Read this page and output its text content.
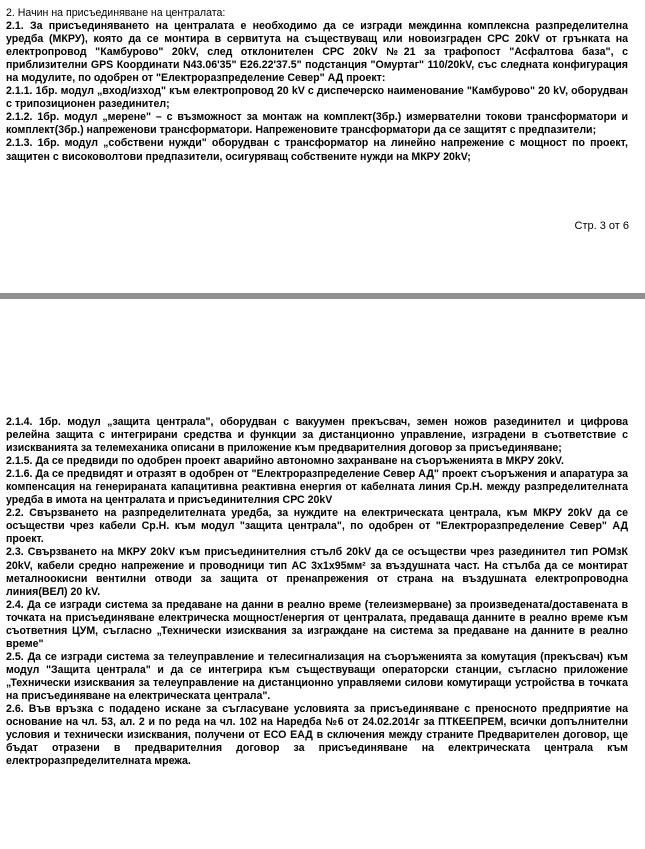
2. Начин на присъединяване на централата:

2.1. За присъединяването на централата е необходимо да се изгради междинна комплексна разпределителна уредба (МКРУ), която да се монтира в сервитута на съществуващ или новоизграден СРС 20kV от грънката на електропровод "Камбурово" 20kV, след отклонителен СРС 20kV №21 за трафопост "Асфалтова база", с приблизителни GPS Координати N43.06'35" E26.22'37.5" подстанция "Омуртаг" 110/20kV, със следната конфигурация на модулите, по одобрен от "Електроразпределение Север" АД проект:

2.1.1. 1бр. модул „вход/изход" към електропровод 20 kV с диспечерско наименование "Камбурово" 20 kV, оборудван с трипозиционен разединител;

2.1.2. 1бр. модул „мерене" – с възможност за монтаж на комплект(3бр.) измервателни токови трансформатори и комплект(3бр.) напреженови трансформатори. Напреженовите трансформатори да се защитят с предпазители;

2.1.3. 1бр. модул „собствени нужди" оборудван с трансформатор на линейно напрежение с мощност по проект, защитен с високоволтови предпазители, осигуряващ собствените нужди на МКРУ 20kV;

Стр. 3 от 6

2.1.4. 1бр. модул „защита централа", оборудван с вакуумен прекъсвач, земен ножов разединител и цифрова релейна защита с интегрирани средства и функции за дистанционно управление, изградени в съответствие с изискванията за телемеханика описани в приложение към предварителния договор за присъединяване;

2.1.5. Да се предвиди по одобрен проект аварийно автономно захранване на съоръженията в МКРУ 20kV.

2.1.6. Да се предвидят и отразят в одобрен от "Електроразпределение Север АД" проект съоръжения и апаратура за компенсация на генерираната капацитивна реактивна енергия от кабелната линия Ср.Н. между разпределителната уредба в имота на централата и присъединителния СРС 20kV

2.2. Свързването на разпределителната уредба, за нуждите на електрическата централа, към МКРУ 20kV да се осъществи чрез кабели Ср.Н. към модул "защита централа", по одобрен от "Електроразпределение Север" АД проект.

2.3. Свързването на МКРУ 20kV към присъединителния стълб 20kV да се осъществи чрез разединител тип РОМзК 20kV, кабели средно напрежение и проводници тип АС 3х1х95мм² за въздушната част. На стълба да се монтират металноокисни вентилни отводи за защита от пренапрежения от страна на въздушната електропроводна линия(ВЕЛ) 20 kV.

2.4. Да се изгради система за предаване на данни в реално време (телеизмерване) за произведената/доставената в точката на присъединяване електрическа мощност/енергия от централата, предаваща данните в реално време към съответния ЦУМ, съгласно „Технически изисквания за изграждане на система за предаване на данните в реално време"

2.5. Да се изгради система за телеуправление и телесигнализация на съоръженията за комутация (прекъсвач) към модул "Защита централа" и да се интегрира към съществуващи операторски станции, съгласно приложение „Технически изисквания за телеуправление на дистанционно управляеми силови комутиращи устройства в точката на присъединяване на електрическата централа".

2.6. Във връзка с подадено искане за съгласуване условията за присъединяване с преносното предприятие на основание на чл. 53, ал. 2 и по реда на чл. 102 на Наредба №6 от 24.02.2014г за ПТКЕЕПРЕМ, всички допълнителни условия и технически изисквания, получени от ЕСО ЕАД в сключения между страните Предварителен договор, ще бъдат отразени в предварителния договор за присъединяване на електрическата централа към електроразпределителната мрежа.
